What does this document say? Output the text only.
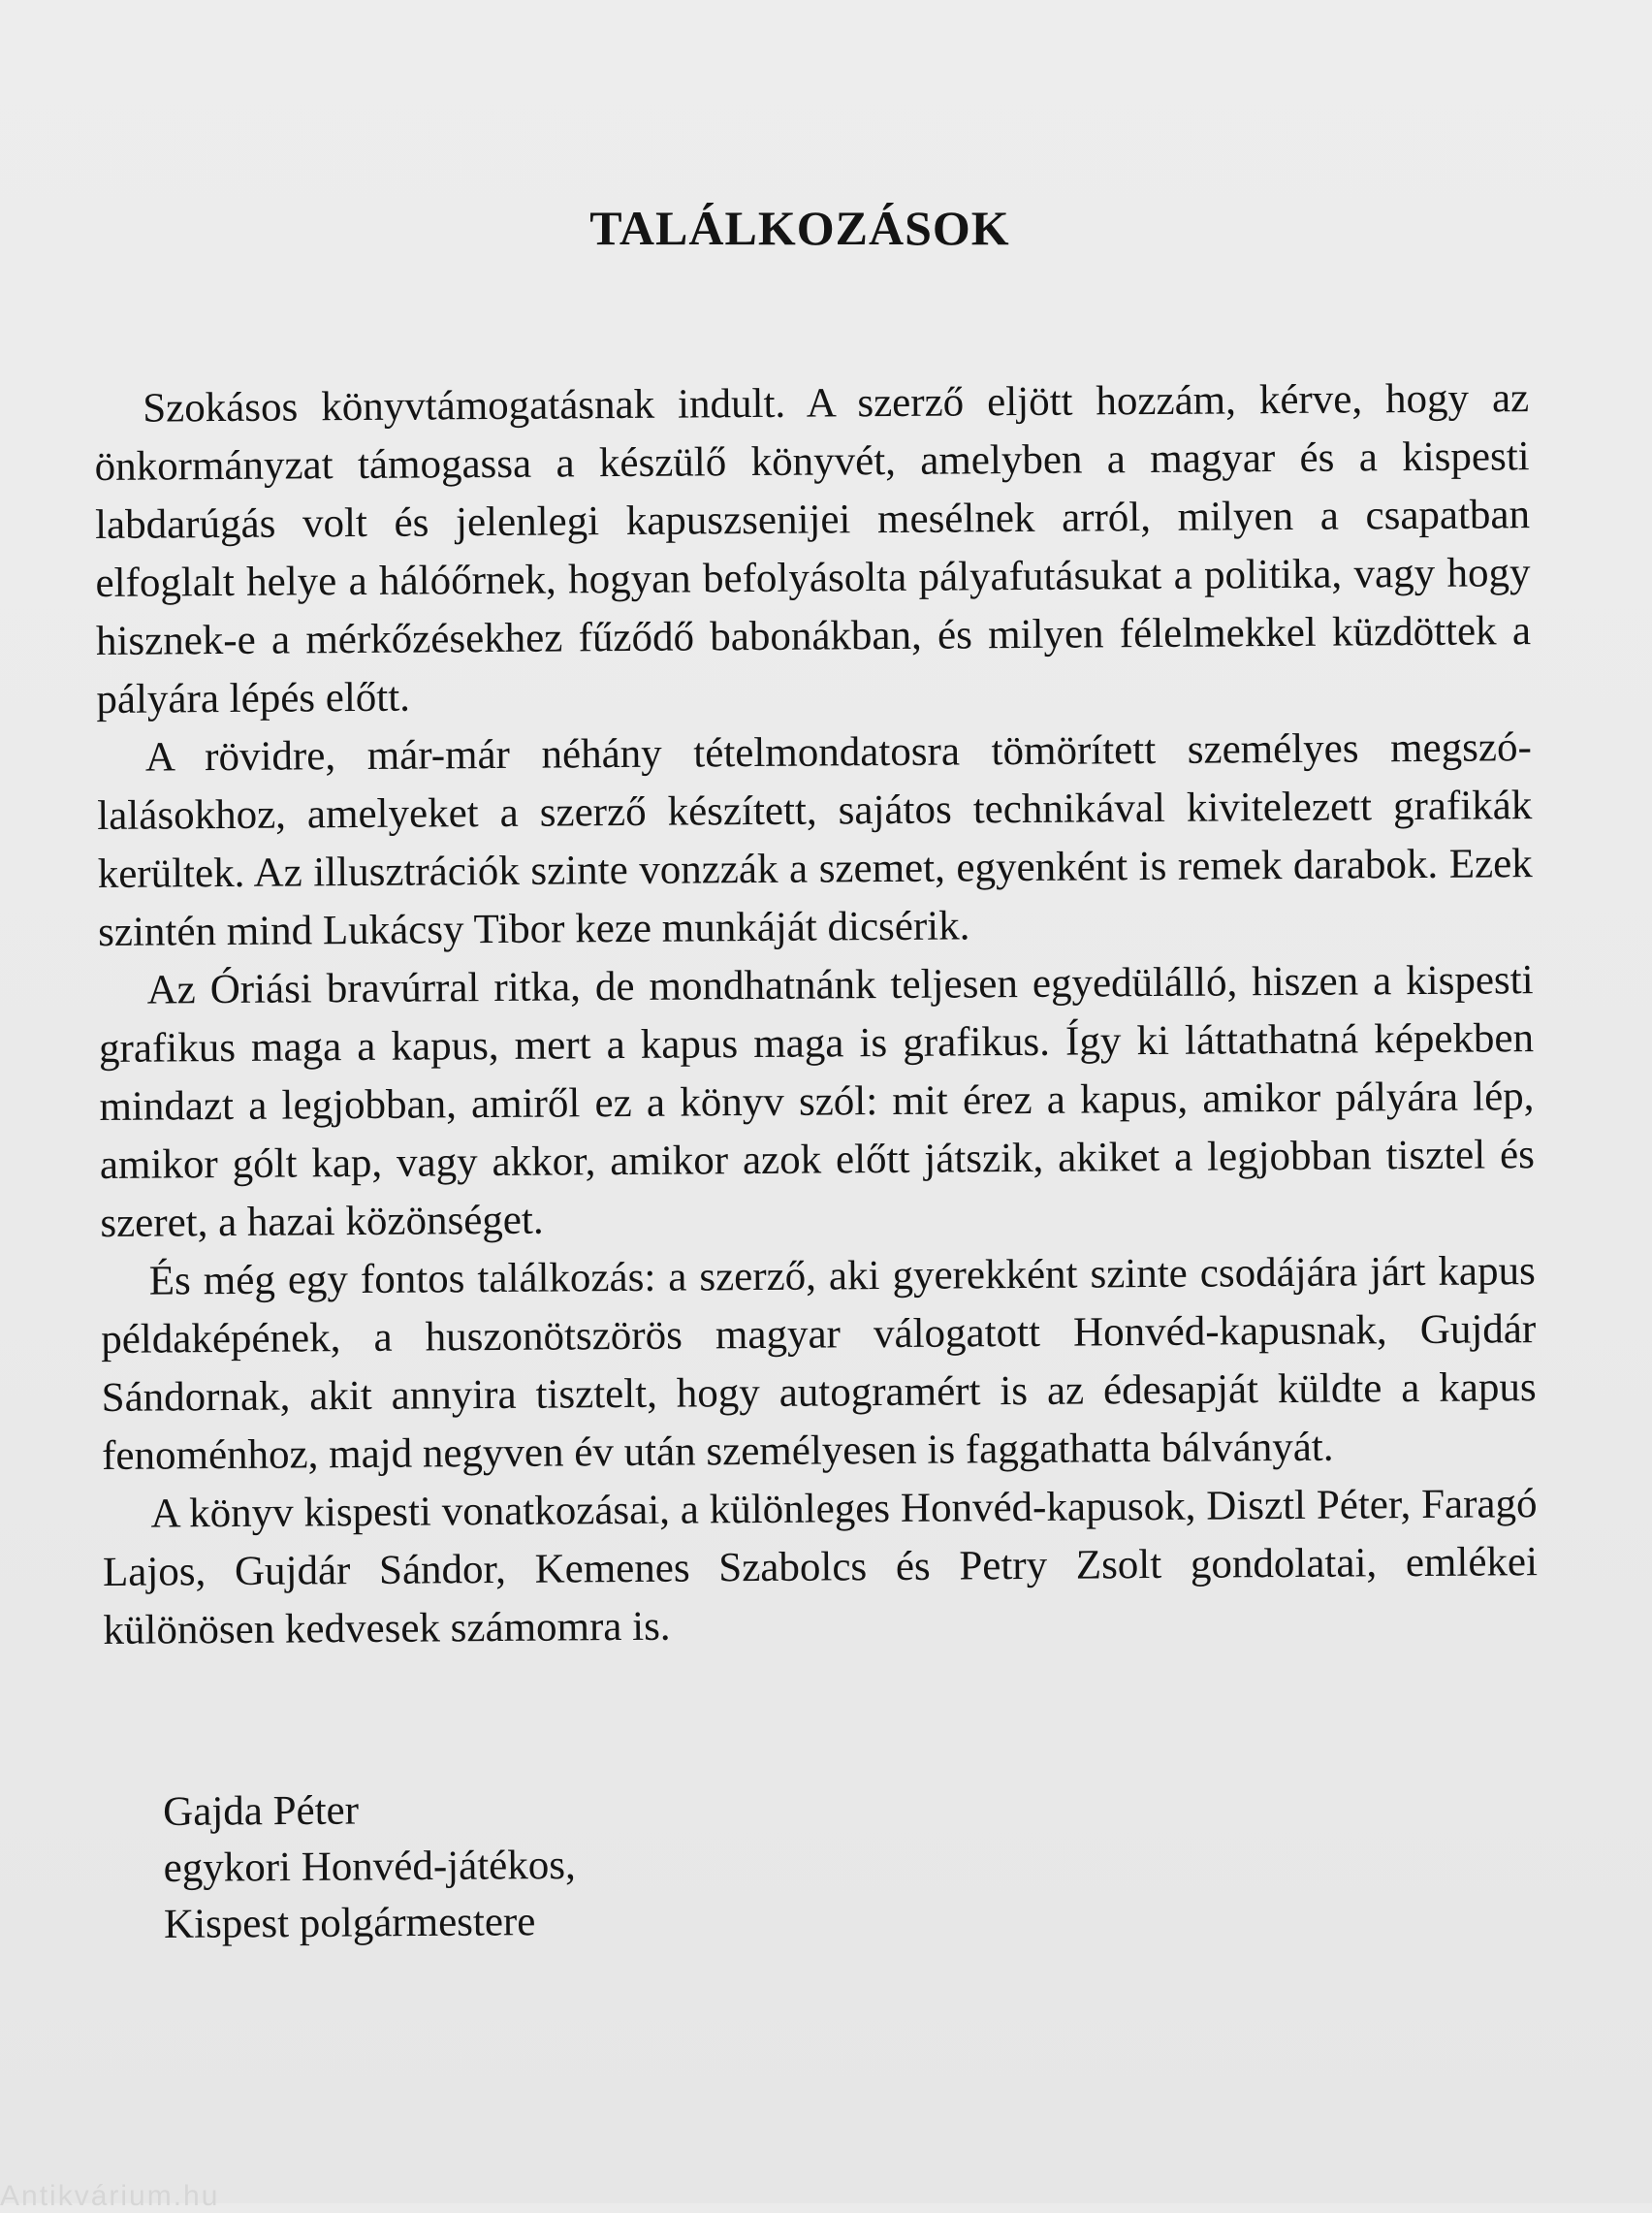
TALÁLKOZÁSOK

Szokásos könyvtámogatásnak indult. A szerző eljött hozzám, kérve, hogy az önkormányzat támogassa a készülő könyvét, amelyben a magyar és a kispesti labdarúgás volt és jelenlegi kapuszsenijei mesélnek arról, milyen a csapatban elfoglalt helye a hálóőrnek, hogyan befolyásolta pályafutásukat a politika, vagy hogy hisznek-e a mérkőzésekhez fűződő babonákban, és milyen félelmekkel küzdöttek a pályára lépés előtt.

A rövidre, már-már néhány tételmondatosra tömörített személyes megszólalásokhoz, amelyeket a szerző készített, sajátos technikával kivitelezett grafikák kerültek. Az illusztrációk szinte vonzzák a szemet, egyenként is remek darabok. Ezek szintén mind Lukácsy Tibor keze munkáját dicsérik.

Az Óriási bravúrral ritka, de mondhatnánk teljesen egyedülálló, hiszen a kispesti grafikus maga a kapus, mert a kapus maga is grafikus. Így ki láttathatná képekben mindazt a legjobban, amiről ez a könyv szól: mit érez a kapus, amikor pályára lép, amikor gólt kap, vagy akkor, amikor azok előtt játszik, akiket a legjobban tisztel és szeret, a hazai közönséget.

És még egy fontos találkozás: a szerző, aki gyerekként szinte csodájára járt kapus példaképének, a huszonötszörös magyar válogatott Honvéd-kapusnak, Gujdár Sándornak, akit annyira tisztelt, hogy autogramért is az édesapját küldte a kapus fenoménhoz, majd negyven év után személyesen is faggathatta bálványát.

A könyv kispesti vonatkozásai, a különleges Honvéd-kapusok, Disztl Péter, Faragó Lajos, Gujdár Sándor, Kemenes Szabolcs és Petry Zsolt gondolatai, emlékei különösen kedvesek számomra is.

Gajda Péter
egykori Honvéd-játékos,
Kispest polgármestere
Antikvárium.hu
